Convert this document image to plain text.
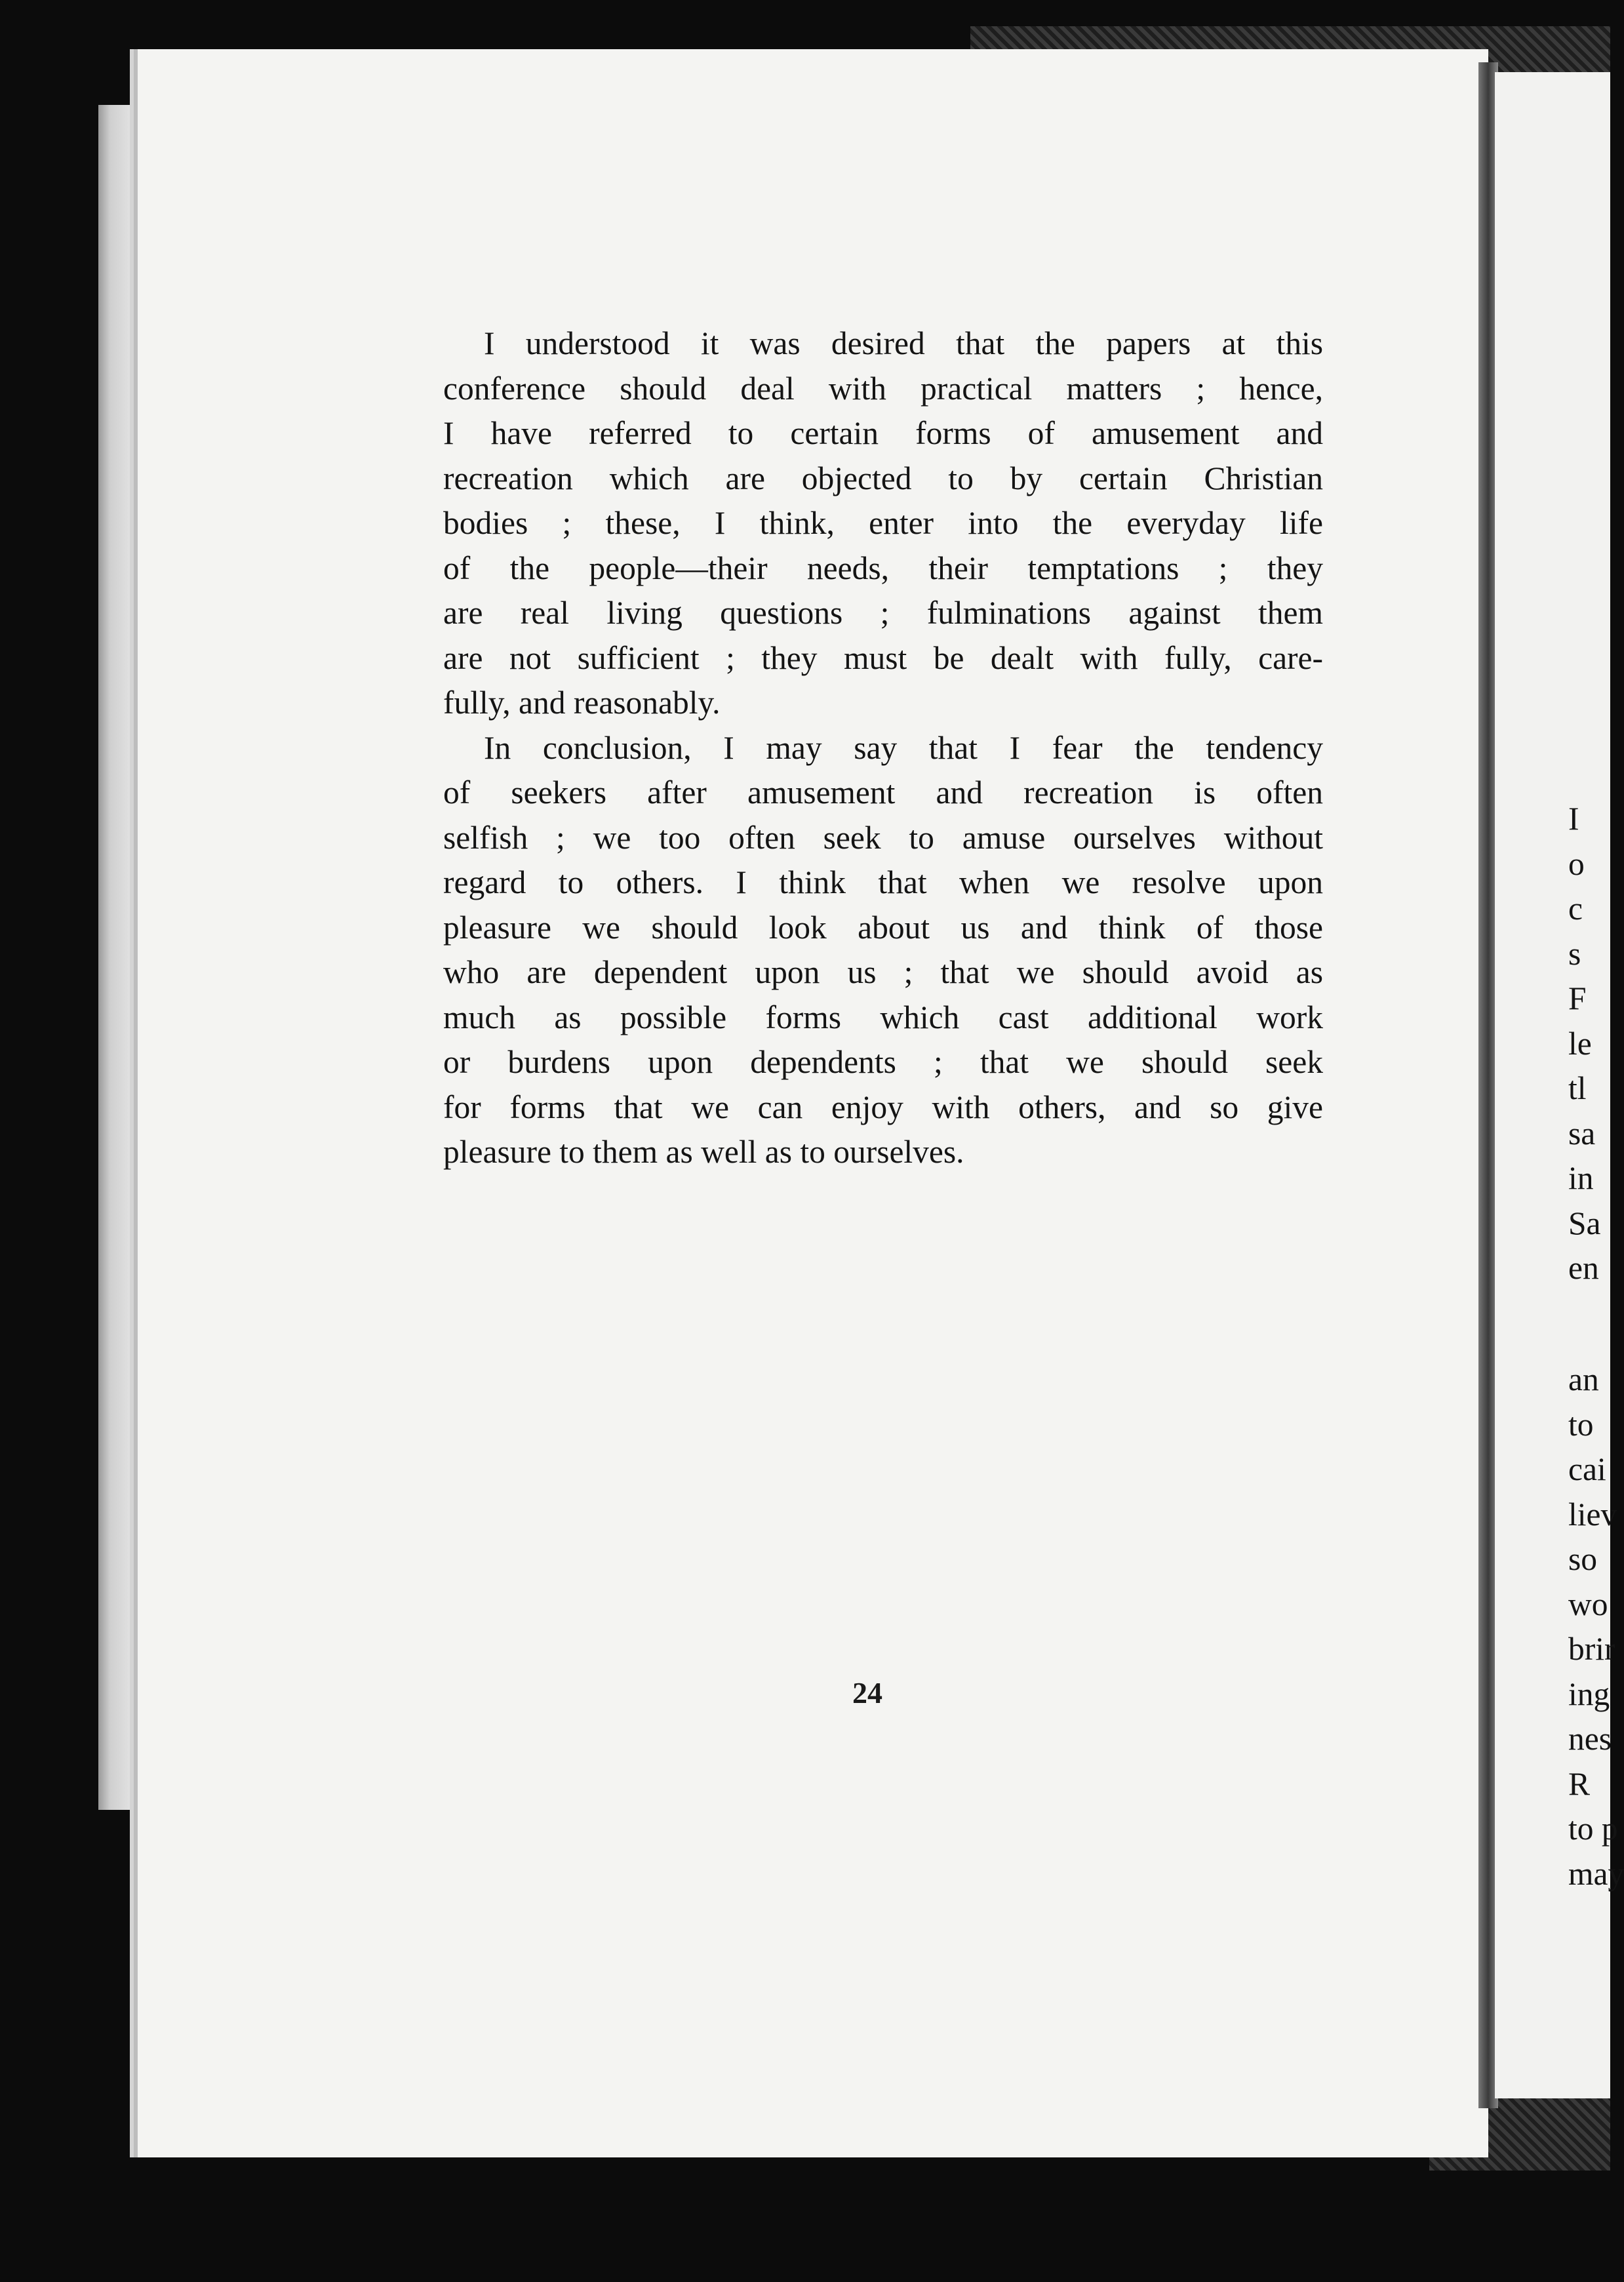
I understood it was desired that the papers at this
conference should deal with practical matters ; hence,
I have referred to certain forms of amusement and
recreation which are objected to by certain Christian
bodies ; these, I think, enter into the everyday life
of the people—their needs, their temptations ; they
are real living questions ; fulminations against them
are not sufficient ; they must be dealt with fully, care-
fully, and reasonably.

In conclusion, I may say that I fear the tendency
of seekers after amusement and recreation is often
selfish ; we too often seek to amuse ourselves without
regard to others. I think that when we resolve upon
pleasure we should look about us and think of those
who are dependent upon us ; that we should avoid as
much as possible forms which cast additional work
or burdens upon dependents ; that we should seek
for forms that we can enjoy with others, and so give
pleasure to them as well as to ourselves.

24
I
o
c
s
F
le
tl
sa
in
Sa
en
an
to
cai
liev
so
wo
brir
ing
nes
R
to p
may
